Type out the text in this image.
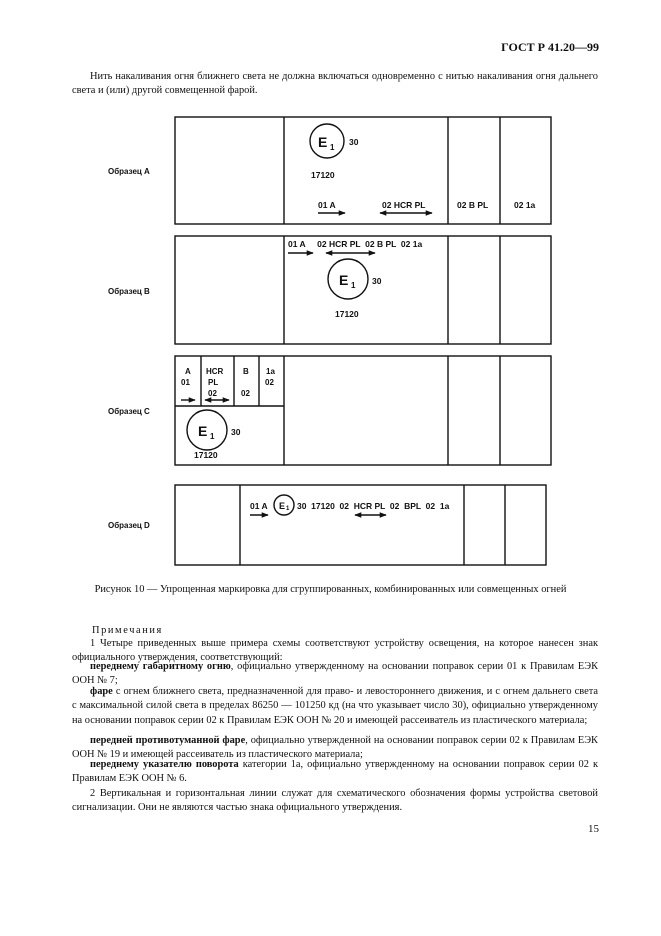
ГОСТ Р 41.20—99
Нить накаливания огня ближнего света не должна включаться одновременно с нитью накаливания огня дальнего света и (или) другой совмещенной фарой.
Образец А
Образец В
Образец С
Образец D
E 1
30
17120
01 A	02 HCR PL	02 B PL	02 1a
01 A     02 HCR PL  02 B PL  02 1a
E 1 30
17120
A
01
HCR
PL
02
B
02
1a
02
E 1 30
17120
01 A E 1 30  17120  02  HCR PL  02  BPL  02  1a
Рисунок 10 — Упрощенная маркировка для сгруппированных, комбинированных или совмещенных огней
Примечания
1 Четыре приведенных выше примера схемы соответствуют устройству освещения, на которое нанесен знак официального утверждения, соответствующий:
переднему габаритному огню, официально утвержденному на основании поправок серии 01 к Правилам ЕЭК ООН № 7;
фаре с огнем ближнего света, предназначенной для право- и левостороннего движения, и с огнем дальнего света с максимальной силой света в пределах 86250 — 101250 кд (на что указывает число 30), официально утвержденному на основании поправок серии 02 к Правилам ЕЭК ООН № 20 и имеющей рассеиватель из пластического материала;
передней противотуманной фаре, официально утвержденной на основании поправок серии 02 к Правилам ЕЭК ООН № 19 и имеющей рассеиватель из пластического материала;
переднему указателю поворота категории 1a, официально утвержденному на основании поправок серии 02 к Правилам ЕЭК ООН № 6.
2 Вертикальная и горизонтальная линии служат для схематического обозначения формы устройства световой сигнализации. Они не являются частью знака официального утверждения.
15
